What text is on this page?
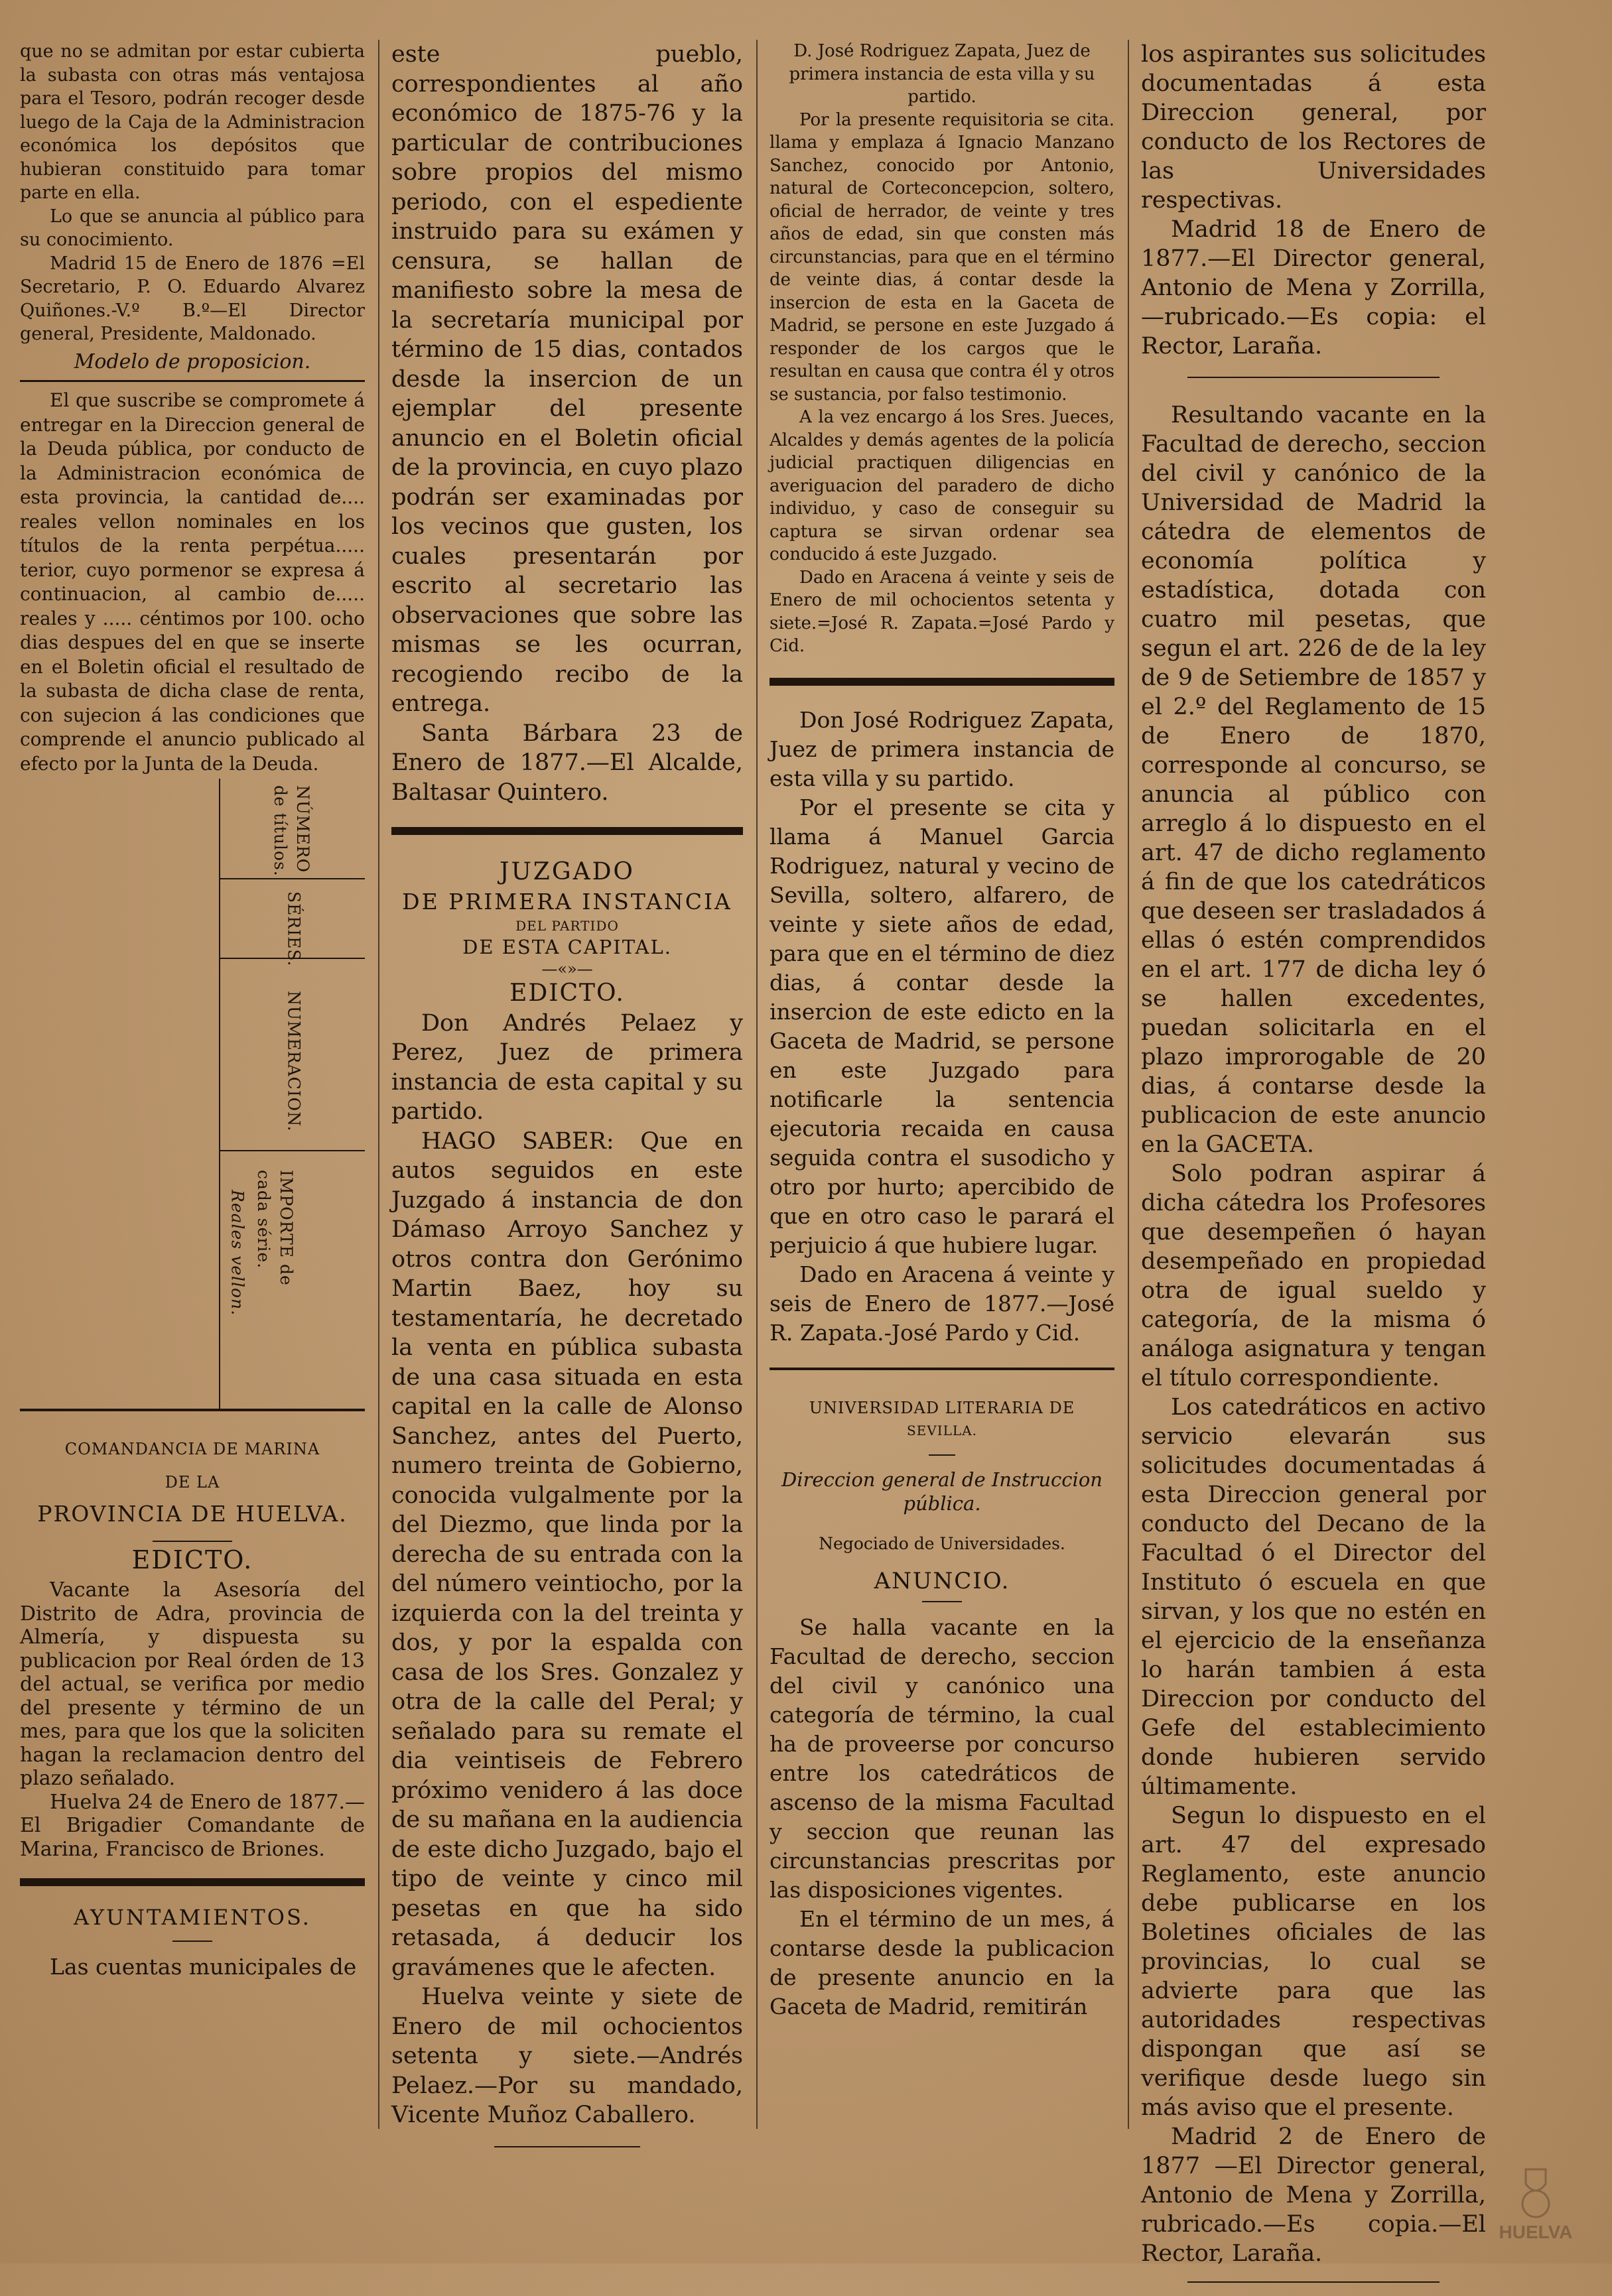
que no se admitan por estar cubierta la subasta con otras más ventajosa para el Tesoro, podrán recoger desde luego de la Caja de la Administracion económica los depósitos que hubieran constituido para tomar parte en ella.

Lo que se anuncia al público para su conocimiento.

Madrid 15 de Enero de 1876 =El Secretario, P. O. Eduardo Alvarez Quiñones.-V.º B.º—El Director general, Presidente, Maldonado.

Modelo de proposicion.

El que suscribe se compromete á entregar en la Direccion general de la Deuda pública, por conducto de la Administracion económica de esta provincia, la cantidad de.... reales vellon nominales en los títulos de la renta perpétua..... terior, cuyo pormenor se expresa á continuacion, al cambio de..... reales y ..... céntimos por 100. ocho dias despues del en que se inserte en el Boletin oficial el resultado de la subasta de dicha clase de renta, con sujecion á las condiciones que comprende el anuncio publicado al efecto por la Junta de la Deuda.

NÚMERO de títulos.
SÉRIES.
NUMERACION.
IMPORTE de cada série.
Reales vellon.

COMANDANCIA DE MARINA

DE LA

PROVINCIA DE HUELVA.

EDICTO.

Vacante la Asesoría del Distrito de Adra, provincia de Almería, y dispuesta su publicacion por Real órden de 13 del actual, se verifica por medio del presente y término de un mes, para que los que la soliciten hagan la reclamacion dentro del plazo señalado.

Huelva 24 de Enero de 1877.— El Brigadier Comandante de Marina, Francisco de Briones.

AYUNTAMIENTOS.

Las cuentas municipales de

este pueblo, correspondientes al año económico de 1875-76 y la particular de contribuciones sobre propios del mismo periodo, con el espediente instruido para su exámen y censura, se hallan de manifiesto sobre la mesa de la secretaría municipal por término de 15 dias, contados desde la insercion de un ejemplar del presente anuncio en el Boletin oficial de la provincia, en cuyo plazo podrán ser examinadas por los vecinos que gusten, los cuales presentarán por escrito al secretario las observaciones que sobre las mismas se les ocurran, recogiendo recibo de la entrega.

Santa Bárbara 23 de Enero de 1877.—El Alcalde, Baltasar Quintero.

JUZGADO

DE PRIMERA INSTANCIA

DEL PARTIDO

DE ESTA CAPITAL.

—«»—

EDICTO.

Don Andrés Pelaez y Perez, Juez de primera instancia de esta capital y su partido.

HAGO SABER: Que en autos seguidos en este Juzgado á instancia de don Dámaso Arroyo Sanchez y otros contra don Gerónimo Martin Baez, hoy su testamentaría, he decretado la venta en pública subasta de una casa situada en esta capital en la calle de Alonso Sanchez, antes del Puerto, numero treinta de Gobierno, conocida vulgalmente por la del Diezmo, que linda por la derecha de su entrada con la del número veintiocho, por la izquierda con la del treinta y dos, y por la espalda con casa de los Sres. Gonzalez y otra de la calle del Peral; y señalado para su remate el dia veintiseis de Febrero próximo venidero á las doce de su mañana en la audiencia de este dicho Juzgado, bajo el tipo de veinte y cinco mil pesetas en que ha sido retasada, á deducir los gravámenes que le afecten.

Huelva veinte y siete de Enero de mil ochocientos setenta y siete.—Andrés Pelaez.—Por su mandado, Vicente Muñoz Caballero.

D. José Rodriguez Zapata, Juez de primera instancia de esta villa y su partido.

Por la presente requisitoria se cita. llama y emplaza á Ignacio Manzano Sanchez, conocido por Antonio, natural de Corteconcepcion, soltero, oficial de herrador, de veinte y tres años de edad, sin que consten más circunstancias, para que en el término de veinte dias, á contar desde la insercion de esta en la Gaceta de Madrid, se persone en este Juzgado á responder de los cargos que le resultan en causa que contra él y otros se sustancia, por falso testimonio.

A la vez encargo á los Sres. Jueces, Alcaldes y demás agentes de la policía judicial practiquen diligencias en averiguacion del paradero de dicho individuo, y caso de conseguir su captura se sirvan ordenar sea conducido á este Juzgado.

Dado en Aracena á veinte y seis de Enero de mil ochocientos setenta y siete.=José R. Zapata.=José Pardo y Cid.

Don José Rodriguez Zapata, Juez de primera instancia de esta villa y su partido.

Por el presente se cita y llama á Manuel Garcia Rodriguez, natural y vecino de Sevilla, soltero, alfarero, de veinte y siete años de edad, para que en el término de diez dias, á contar desde la insercion de este edicto en la Gaceta de Madrid, se persone en este Juzgado para notificarle la sentencia ejecutoria recaida en causa seguida contra el susodicho y otro por hurto; apercibido de que en otro caso le parará el perjuicio á que hubiere lugar.

Dado en Aracena á veinte y seis de Enero de 1877.—José R. Zapata.-José Pardo y Cid.

UNIVERSIDAD LITERARIA DE

SEVILLA.

Direccion general de Instruccion pública.

Negociado de Universidades.

ANUNCIO.

Se halla vacante en la Facultad de derecho, seccion del civil y canónico una categoría de término, la cual ha de proveerse por concurso entre los catedráticos de ascenso de la misma Facultad y seccion que reunan las circunstancias prescritas por las disposiciones vigentes.

En el término de un mes, á contarse desde la publicacion de presente anuncio en la Gaceta de Madrid, remitirán

los aspirantes sus solicitudes documentadas á esta Direccion general, por conducto de los Rectores de las Universidades respectivas.

Madrid 18 de Enero de 1877.—El Director general, Antonio de Mena y Zorrilla, —rubricado.—Es copia: el Rector, Laraña.

Resultando vacante en la Facultad de derecho, seccion del civil y canónico de la Universidad de Madrid la cátedra de elementos de economía política y estadística, dotada con cuatro mil pesetas, que segun el art. 226 de de la ley de 9 de Setiembre de 1857 y el 2.º del Reglamento de 15 de Enero de 1870, corresponde al concurso, se anuncia al público con arreglo á lo dispuesto en el art. 47 de dicho reglamento á fin de que los catedráticos que deseen ser trasladados á ellas ó estén comprendidos en el art. 177 de dicha ley ó se hallen excedentes, puedan solicitarla en el plazo improrogable de 20 dias, á contarse desde la publicacion de este anuncio en la GACETA.

Solo podran aspirar á dicha cátedra los Profesores que desempeñen ó hayan desempeñado en propiedad otra de igual sueldo y categoría, de la misma ó análoga asignatura y tengan el título correspondiente.

Los catedráticos en activo servicio elevarán sus solicitudes documentadas á esta Direccion general por conducto del Decano de la Facultad ó el Director del Instituto ó escuela en que sirvan, y los que no estén en el ejercicio de la enseñanza lo harán tambien á esta Direccion por conducto del Gefe del establecimiento donde hubieren servido últimamente.

Segun lo dispuesto en el art. 47 del expresado Reglamento, este anuncio debe publicarse en los Boletines oficiales de las provincias, lo cual se advierte para que las autoridades respectivas dispongan que así se verifique desde luego sin más aviso que el presente.

Madrid 2 de Enero de 1877 —El Director general, Antonio de Mena y Zorrilla, rubricado.—Es copia.—El Rector, Laraña.

HUELVA
